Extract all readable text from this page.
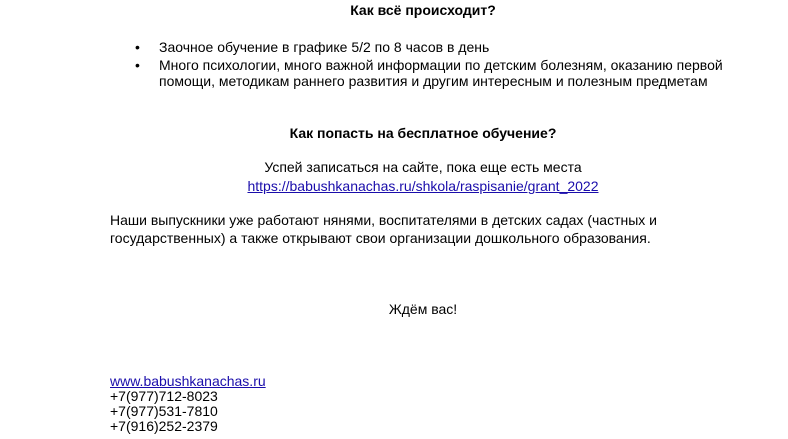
Как всё происходит?
• Заочное обучение в графике 5/2 по 8 часов в день
• Много психологии, много важной информации по детским болезням, оказанию первой помощи, методикам раннего развития и другим интересным и полезным предметам
Как попасть на бесплатное обучение?
Успей записаться на сайте, пока еще есть места
https://babushkanachas.ru/shkola/raspisanie/grant_2022
Наши выпускники уже работают нянями, воспитателями в детских садах (частных и государственных) а также открывают свои организации дошкольного образования.
Ждём вас!
www.babushkanachas.ru
+7(977)712-8023
+7(977)531-7810
+7(916)252-2379
